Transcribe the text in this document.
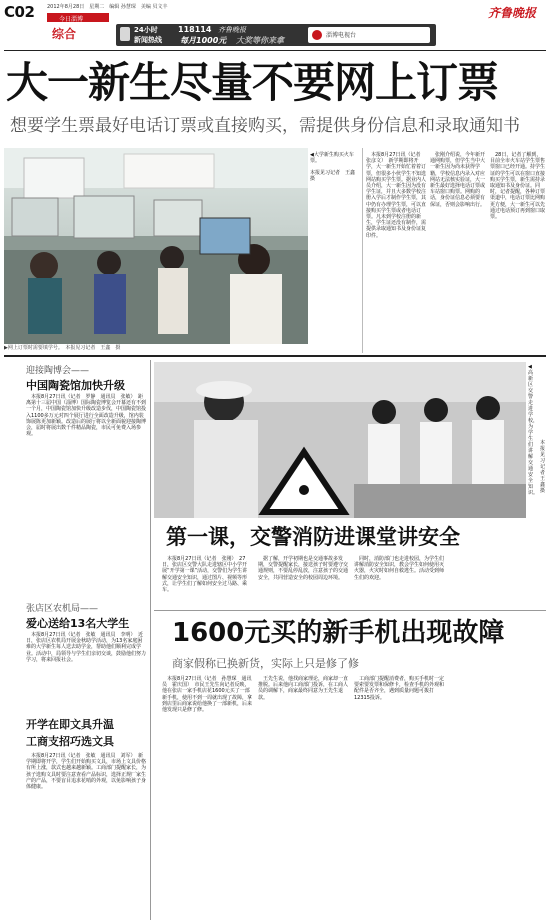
C02	2012年8月28日　星期二　编辑 孙慧琛　美编 贝文丰
今日淄博
综合	24小时
新闻热线
118114 齐鲁晚报
每月1000元 大奖等你来拿
淄博电视台
齐鲁晚报
大一新生尽量不要网上订票
想要学生票最好电话订票或直接购买，需提供身份信息和录取通知书
▶网上订票时需要填学号。　本报见习记者　王鑫　摄
◀大学新生购买火车票。
本报见习记者　王鑫　摄

本报8月27日讯（记者　张彦文）　新学期即将开学，大一新生开始忙着着订票，但很多小伙学生不知选网站购买学生票。据业内人员介绍，大一新生因为没有学生证，并且大多数学校注册入学后才制作学生票，其中仍有办理学生票，可以直接购买学生票或者电话订票。凡未到学校注册的新生，学生证还没有制作，需提供录取通知书及身份证复印件。

张刚介绍说，今年新开通网购票，但学生当中大一新生因为尚未获得学籍，学校信息内录入对应网站无法核实验证，大一新生最好选择电话订票或车站窗口购票。网购的话，身份证信息必须要有保证，否则会影响出行。

28日，记者了解到，目前全市火车站学生票售票窗口已经开通。持学生证的学生可以在窗口直接购买学生票，新生需持录取通知书及身份证。同时，记者提醒，各种订票渠道中，电话订票比网购更方便，大一新生可以先通过电话预订再到窗口取票。

迎接陶博会——
中国陶瓷馆加快升级

本报8月27日讯（记者　罗静　通讯员　张敏）　距离第十三届中国（淄博）国际陶瓷博览会开幕还有不到一个月，中国陶瓷馆加快升级改造步伐，中国陶瓷馆投入1100多万元对四个展厅进行全面改造升级，馆内装饰展陈更加新颖。改造后的展厅将以全新面貌迎接陶博会，届时将展出数千件精品陶瓷，市民可免费入场参观。

张店区农机局——
爱心送给13名大学生

本报8月27日讯（记者　张敏　通讯员　李明）　近日，张店区农机局开展金秋助学活动，为13名家庭困难的大学新生每人送去助学金，帮助他们顺利完成学业。活动中，局领导与学生们亲切交谈，鼓励他们努力学习，将来回报社会。

开学在即文具升温
工商支招巧选文具

本报8月27日讯（记者　张敏　通讯员　刘军）　新学期即将开学，学生们开始购买文具，市场上文具价格有所上涨，款式也越来越新颖。工商部门提醒家长，为孩子选购文具时要注意查看产品标识，选择正规厂家生产的产品，不要盲目追求花哨的外观，以免影响孩子身体健康。

◀高新区交警走进学校，为学生们讲解交通安全知识。
本报见习记者　王鑫　摄
第一课，交警消防进课堂讲安全

本报8月27日讯（记者　张刚）　27日，张店区交警大队走进辖区中小学开展“开学第一课”活动，交警们为学生讲解交通安全知识，通过图片、视频等形式，让学生们了解如何安全过马路、乘车。

据了解，开学初期也是交通事故多发期，交警提醒家长，接送孩子时要遵守交通规则，不要乱停乱放，注意孩子的交通安全，共同营造安全的校园周边环境。

同时，消防部门也走进校园，为学生们讲解消防安全知识，教会学生如何使用灭火器，火灾时如何自救逃生。活动受到师生们的欢迎。

1600元买的新手机出现故障
商家假称已换新货，实际上只是修了修

本报8月27日讯（记者　孙慧琛　通讯员　霍庆国）　市民王先生向记者反映，他在张店一家手机店花1600元买了一部新手机，使用不到一周就出现了故障，拿到店里后商家说给他换了一部新机，后来他发现只是修了修。

王先生说，他找商家理论，商家却一直推脱。后来他向工商部门投诉，在工商人员的调解下，商家最终同意为王先生退款。

工商部门提醒消费者，购买手机时一定要索要发票和保修卡，检查手机的外观和配件是否齐全，遇到质量问题可拨打12315投诉。
